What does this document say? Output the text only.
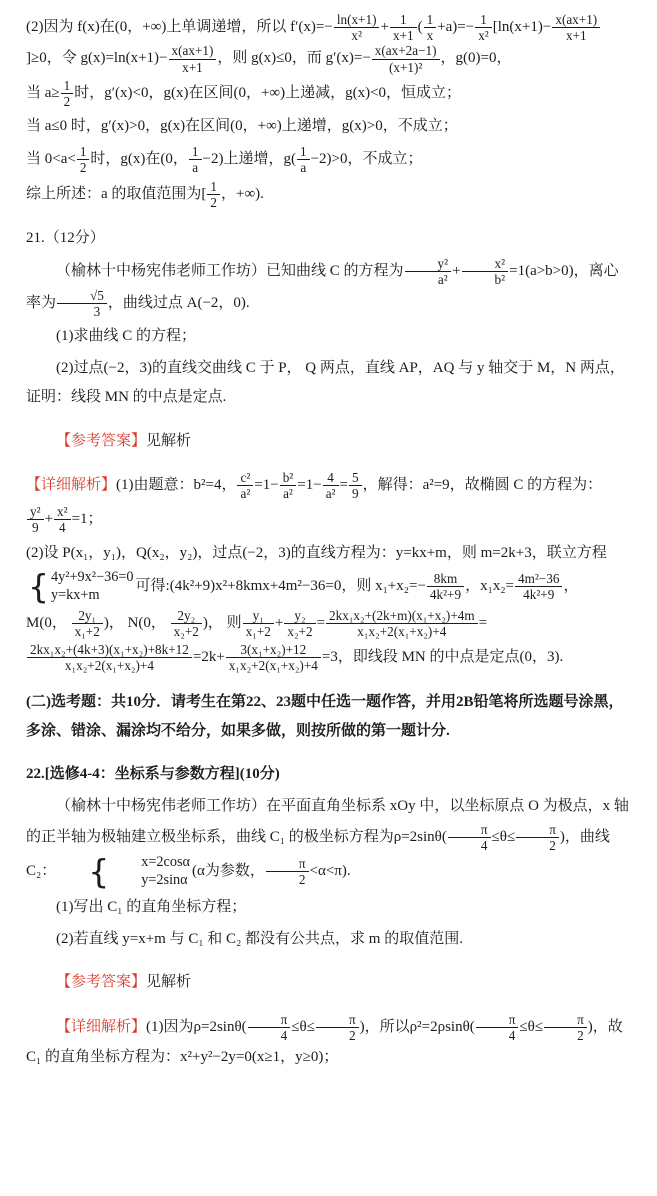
(2)因为 f(x)在(0，+∞)上单调递增，所以 $f'(x)=- \frac{\ln(x+1)}{\text{x²}} + \frac{1}{x+1}$ ( $\frac{1}{x} +a)=- \frac{1}{\text{x²}} [\ln(x+1)- \frac{x(ax+1)}{x+1}$
]≥0，令 $g(x)=\ln(x+1)- \frac{x(ax+1)}{x+1}$ ，则 g(x)≤0，而 $g'(x)=- \frac{x(ax+2a-1)}{\text{(x+1)²}}$ ，g(0)=0，
当 $a\ge \frac{1}{2}$ 时，g′(x)<0，g(x)在区间(0，+∞)上递减，g(x)<0，恒成立；
当 a≤0 时，g′(x)>0，g(x)在区间(0，+∞)上递增，g(x)>0，不成立；
当 $0<a< \frac{1}{2}$ 时，g(x)在(0， $\frac{1}{a} -2$)上递增，$g( \frac{1}{a} -2)>0$，不成立；
综上所述：a 的取值范围为[ $\frac{1}{2}$ ，+∞).
21.（12分）
（榆林十中杨宪伟老师工作坊）已知曲线 C 的方程为 $\frac{\text{y²}}{\text{a²}} + \frac{\text{x²}}{\text{b²}} =1(a>b>0)$，离心率为 $\frac{√5}{3}$ ，曲线过点 A(−2，0).
(1)求曲线 C 的方程；
(2)过点(−2，3)的直线交曲线 C 于 P， Q 两点，直线 AP，AQ 与 y 轴交于 M，N 两点，证明：线段 MN 的中点是定点.
【参考答案】见解析
【详细解析】(1)由题意：b²=4， $\frac{\text{c²}}{\text{a²}} =1- \frac{\text{b²}}{\text{a²}} =1- \frac{4}{\text{a²}} = \frac{5}{9}$ ，解得：a²=9，故椭圆 C 的方程为：
$\frac{\text{y²}}{9} + \frac{\text{x²}}{4} =1$；
(2)设 P(x₁，y₁)，Q(x₂，y₂)，过点(−2，3)的直线方程为：y=kx+m，则 m=2k+3，联立方程
{ 4y²+9x²−36=0
y=kx+m
可得:(4k²+9)x²+8kmx+4m²−36=0，则 $x_1+x_2=- \frac{8km}{\text{4k²+9}}$ ，$x_1x_2= \frac{\text{4m²−36}}{\text{4k²+9}}$ ，
M(0， $\frac{\text{2y₁}}{\text{x₁+2}}$ )， N(0， $\frac{\text{2y₂}}{\text{x₂+2}}$ )， 则 $\frac{\text{y₁}}{\text{x₁+2}} + \frac{\text{y₂}}{\text{x₂+2}} = \frac{\text{2kx₁x₂+(2k+m)(x₁+x₂)+4m}}{\text{x₁x₂+2(x₁+x₂)+4}}$ =
$\frac{\text{2kx₁x₂+(4k+3)(x₁+x₂)+8k+12}}{\text{x₁x₂+2(x₁+x₂)+4}} =2k+ \frac{\text{3(x₁+x₂)+12}}{\text{x₁x₂+2(x₁+x₂)+4}} =3$，即线段 MN 的中点是定点(0，3).
(二)选考题：共10分．请考生在第22、23题中任选一题作答，并用2B铅笔将所选题号涂黑，多涂、错涂、漏涂均不给分，如果多做，则按所做的第一题计分.
22.[选修4-4：坐标系与参数方程](10分)
（榆林十中杨宪伟老师工作坊）在平面直角坐标系 xOy 中，以坐标原点 O 为极点，x 轴的正半轴为极轴建立极坐标系，曲线 C₁ 的极坐标方程为$\rho=2\sin\theta( \frac{\pi}{4} \le\theta\le \frac{\pi}{2}$ )，曲线 C₂： {	x=2cosα
y=2sinα
(α为参数， $\frac{\pi}{2} <\alpha<\pi$).
(1)写出 C₁ 的直角坐标方程；
(2)若直线 y=x+m 与 C₁ 和 C₂ 都没有公共点，求 m 的取值范围.
【参考答案】见解析
【详细解析】(1)因为$\rho=2\sin\theta( \frac{\pi}{4} \le\theta\le \frac{\pi}{2}$ )，所以$\rho^2=2\rho\sin\theta( \frac{\pi}{4} \le\theta\le \frac{\pi}{2}$ )，故 C₁ 的直角坐标方程为：x²+y²−2y=0(x≥1，y≥0)；
